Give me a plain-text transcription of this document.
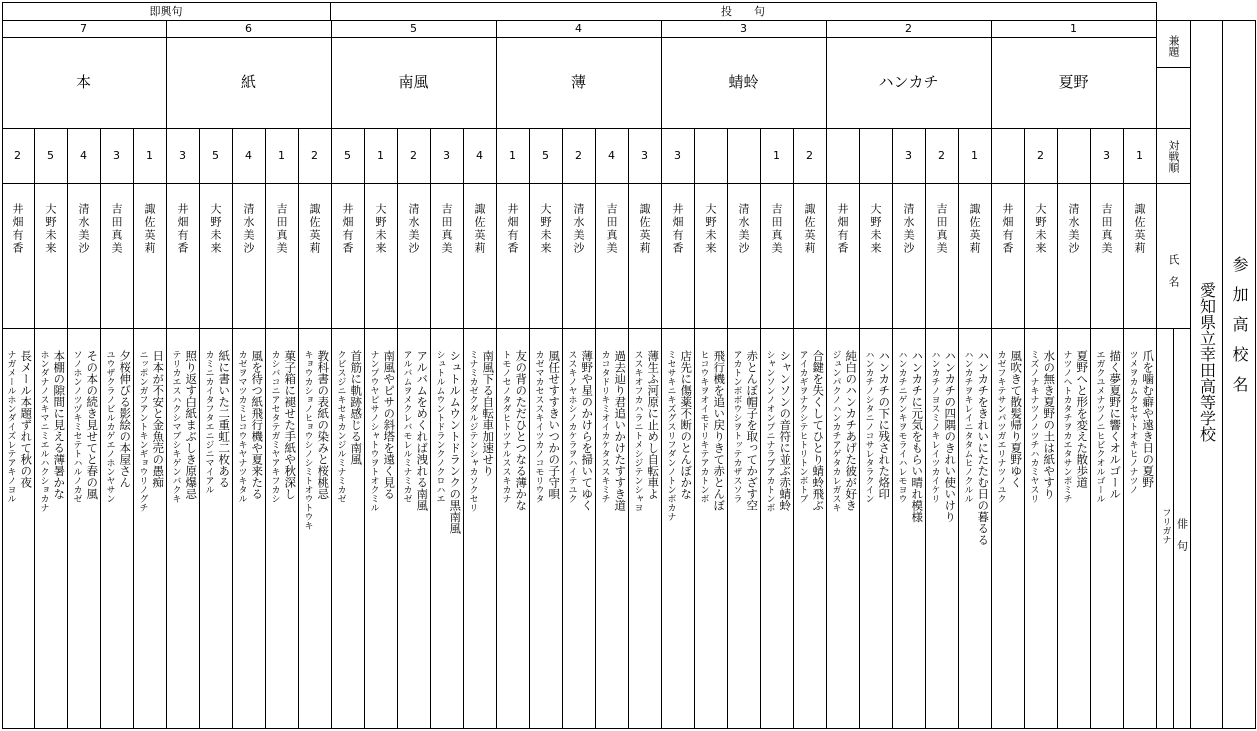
即興句	投　　句
1
夏野
1
諏佐英莉
爪を噛む癖や遠き日の夏野
ツメヲカムクセヤトオキヒノナツノ
3
吉田真美
描く夢夏野に響くオルゴール
エガクユメナツノニヒビクオルゴール
清水美沙
夏野へと形を変えた散歩道
ナツノヘトカタチヲカエタサンポミチ
2
大野未来
水の無き夏野の土は紙やすり
ミズノナキナツノノツチハカミヤスリ
井畑有香
風吹きて散髪帰り夏野ゆく
カゼフキテサンパツガエリナツノユク
2
ハンカチ
1
諏佐英莉
ハンカチをきれいにたたむ日の暮るる
ハンカチヲキレイニタタムヒノクルル
2
吉田真美
ハンカチの四隅のきれい使いけり
ハンカチノヨスミノキレイツカイケリ
3
清水美沙
ハンカチに元気をもらい晴れ模様
ハンカチニゲンキヲモライハレモヨウ
大野未来
ハンカチの下に残された烙印
ハンカチノシタニノコサレタラクイン
井畑有香
純白のハンカチあげた彼が好き
ジュンパクノハンカチアゲタカレガスキ
3
蜻蛉
2
諏佐英莉
合鍵を失くしてひとり蜻蛉飛ぶ
アイカギヲナクシテヒトリトンボトブ
1
吉田真美
シャンソンの音符に並ぶ赤蜻蛉
シャンソンノオンプニナラブアカトンボ
清水美沙
赤とんぼ帽子を取ってかざす空
アカトンボボウシヲトッテカザスソラ
大野未来
飛行機を追い戻りきて赤とんぼ
ヒコウキヲオイモドリキテアカトンボ
3
井畑有香
店先に傷薬不断のとんぼかな
ミセサキニキズグスリフダンノトンボカナ
4
薄
3
諏佐英莉
薄生ふ河原に止めし自転車よ
ススキオフカハラニトメシジテンシャヨ
4
吉田真美
過去辿り君追いかけたすすき道
カコタドリキミオイカケタススキミチ
2
清水美沙
薄野や星のかけらを掃いてゆく
ススキノヤホシノカケラヲハイテユク
5
大野未来
風任せすすきいつかの子守唄
カゼマカセススキイツカノコモリウタ
1
井畑有香
友の背のただひとつなる薄かな
トモノセノタダヒトツナルススキカナ
5
南風
4
諏佐英莉
南風下る自転車加速せり
ミナミカゼクダルジテンシャカソクセリ
3
吉田真美
シュトルムウントドランクの黒南風
シュトルムウントドランクノクロハエ
2
清水美沙
アルバムをめくれば洩れる南風
アルバムヲメクレバモレルミナミカゼ
1
大野未来
南風やピサの斜塔を遠く見る
ナンプウヤピサノシャトウヲトオクミル
5
井畑有香
首筋に軌跡感じる南風
クビスジニキセキカンジルミナミカゼ
6
紙
2
諏佐英莉
教科書の表紙の染みと桜桃忌
キョウカショノヒョウシノシミトオウトウキ
1
吉田真美
菓子箱に褪せた手紙や秋深し
カシバコニアセタテガミヤアキフカシ
4
清水美沙
風を待つ紙飛行機や夏来たる
カゼヲマツカミヒコウキヤナツキタル
5
大野未来
紙に書いた二重虹二枚ある
カミニカイタフタエニジニマイアル
3
井畑有香
照り返す白紙まぶしき原爆忌
テリカエスハクシマブシキゲンバクキ
7
本
1
諏佐英莉
日本が不安と金魚売の愚痴
ニッポンガフアントキンギョウリノグチ
3
吉田真美
夕桜伸びる影絵の本屋さん
ユウザクラノビルカゲエノホンヤサン
4
清水美沙
その本の続き見せてと春の風
ソノホンノツヅキミセテトハルノカゼ
5
大野未来
本棚の隙間に見える薄暑かな
ホンダナノスキマニミエルハクショカナ
2
井畑有香
長メール本題ずれて秋の夜
ナガメールホンダイズレテアキノヨル
兼題
対戦順
氏　名
俳　句
フリガナ
愛知県立幸田高等学校 参加高校名
